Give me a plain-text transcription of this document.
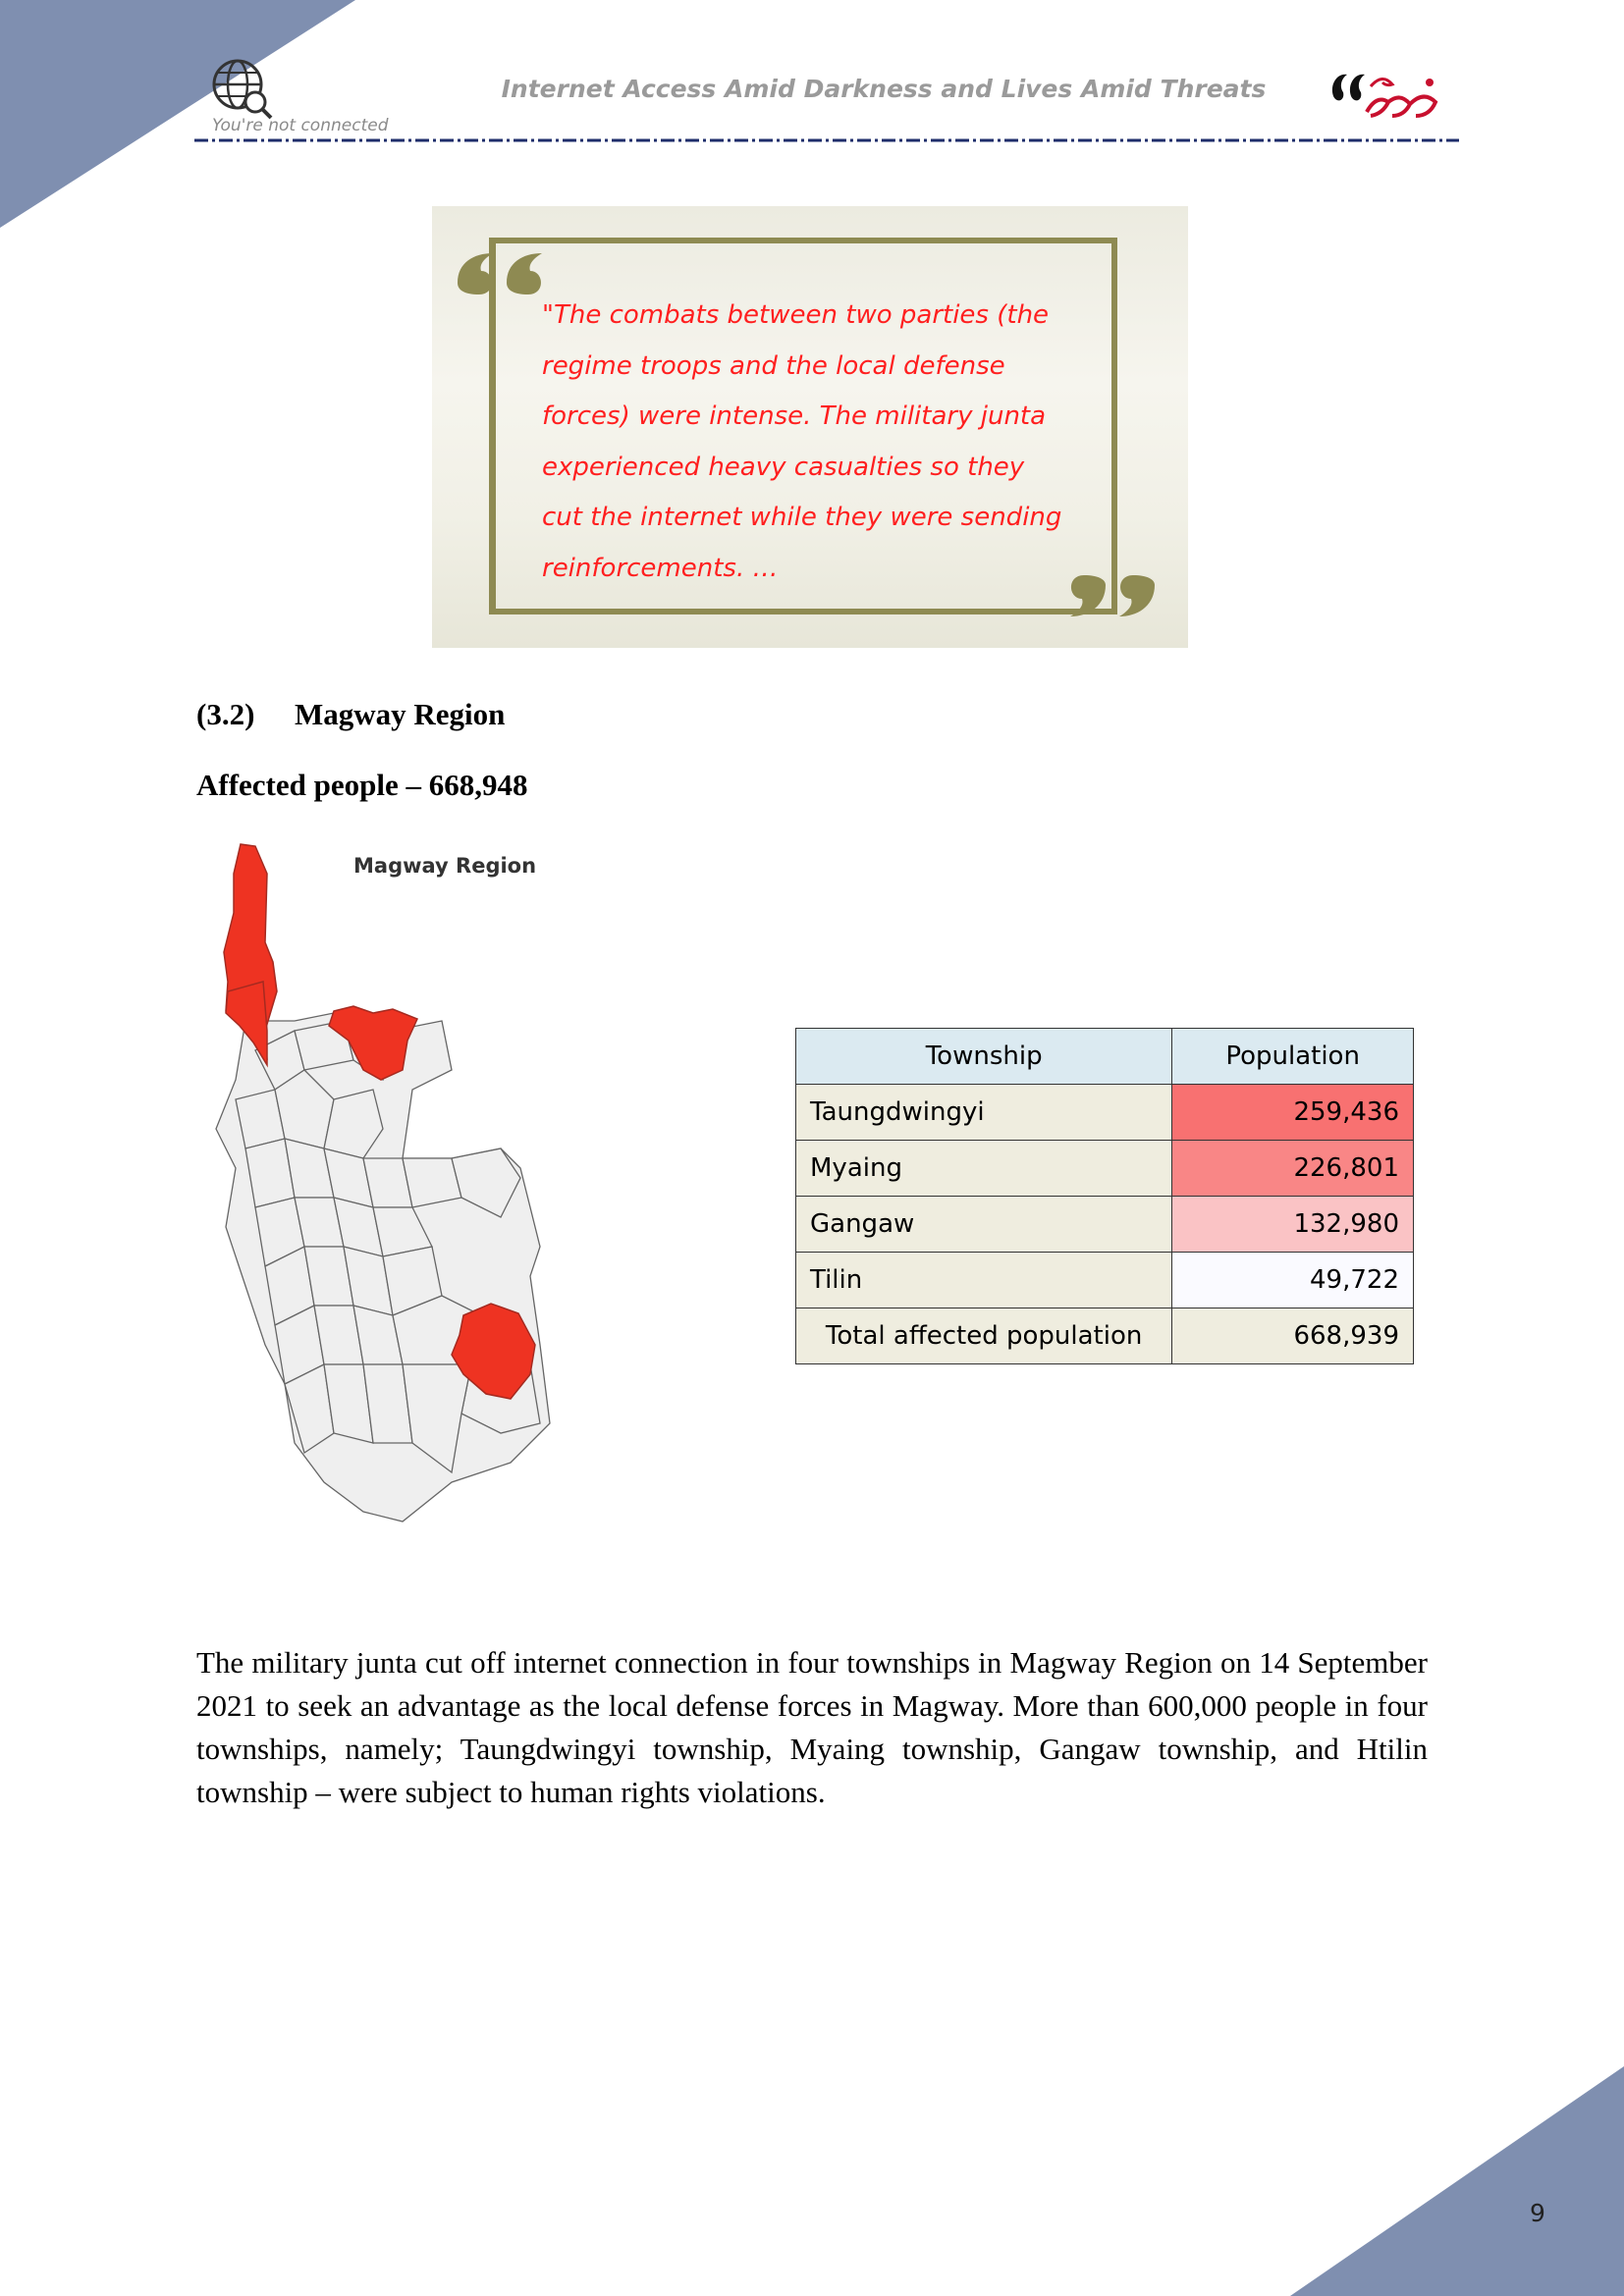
You're not connected
Internet Access Amid Darkness and Lives Amid Threats
"The combats between two parties (the regime troops and the local defense forces) were intense. The military junta experienced heavy casualties so they cut the internet while they were sending reinforcements. …
(3.2) Magway Region
Affected people – 668,948
Magway Region
Township	Population
Taungdwingyi	259,436
Myaing	226,801
Gangaw	132,980
Tilin	49,722
Total affected population	668,939
The military junta cut off internet connection in four townships in Magway Region on 14 September 2021 to seek an advantage as the local defense forces in Magway. More than 600,000 people in four townships, namely; Taungdwingyi township, Myaing township, Gangaw township, and Htilin township – were subject to human rights violations.
9
